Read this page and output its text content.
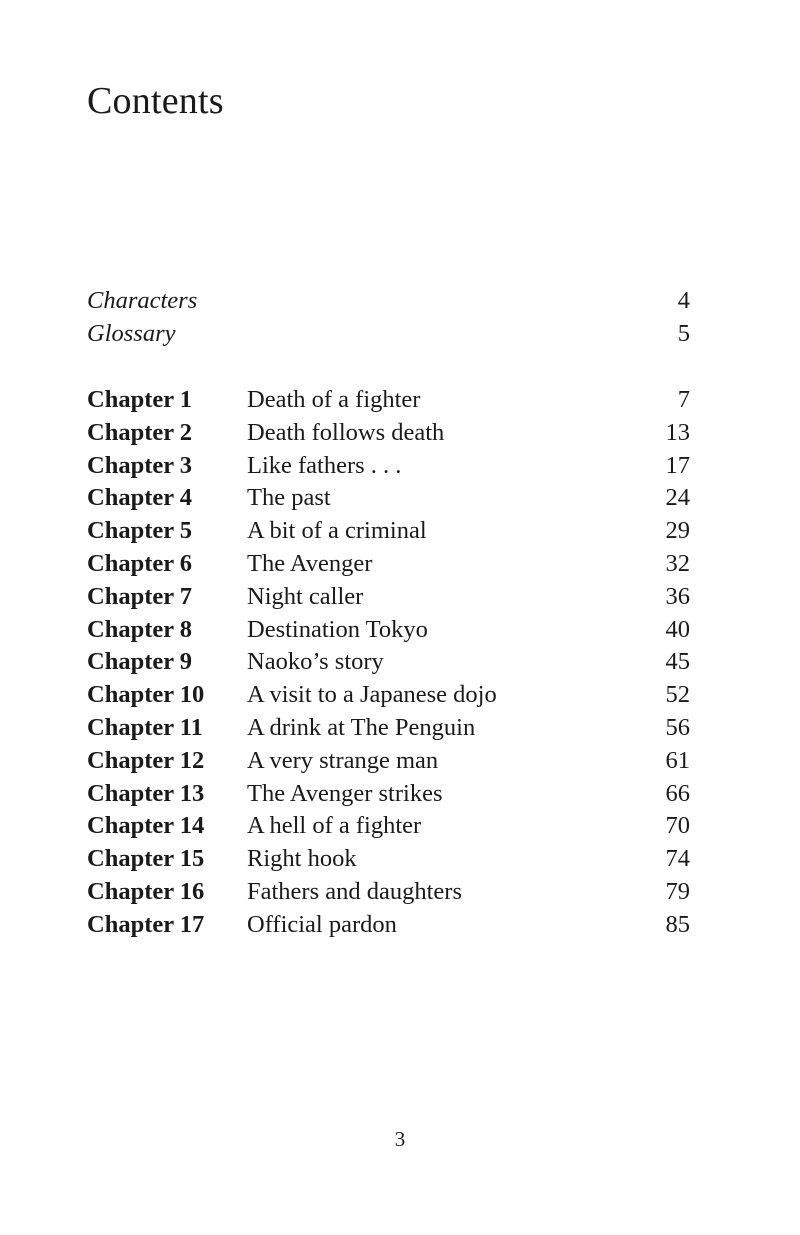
Contents
Characters	4
Glossary	5
Chapter 1 Death of a fighter	7
Chapter 2 Death follows death	13
Chapter 3 Like fathers . . .	17
Chapter 4 The past	24
Chapter 5 A bit of a criminal	29
Chapter 6 The Avenger	32
Chapter 7 Night caller	36
Chapter 8 Destination Tokyo	40
Chapter 9 Naoko’s story	45
Chapter 10 A visit to a Japanese dojo	52
Chapter 11 A drink at The Penguin	56
Chapter 12 A very strange man	61
Chapter 13 The Avenger strikes	66
Chapter 14 A hell of a fighter	70
Chapter 15 Right hook	74
Chapter 16 Fathers and daughters	79
Chapter 17 Official pardon	85
3
